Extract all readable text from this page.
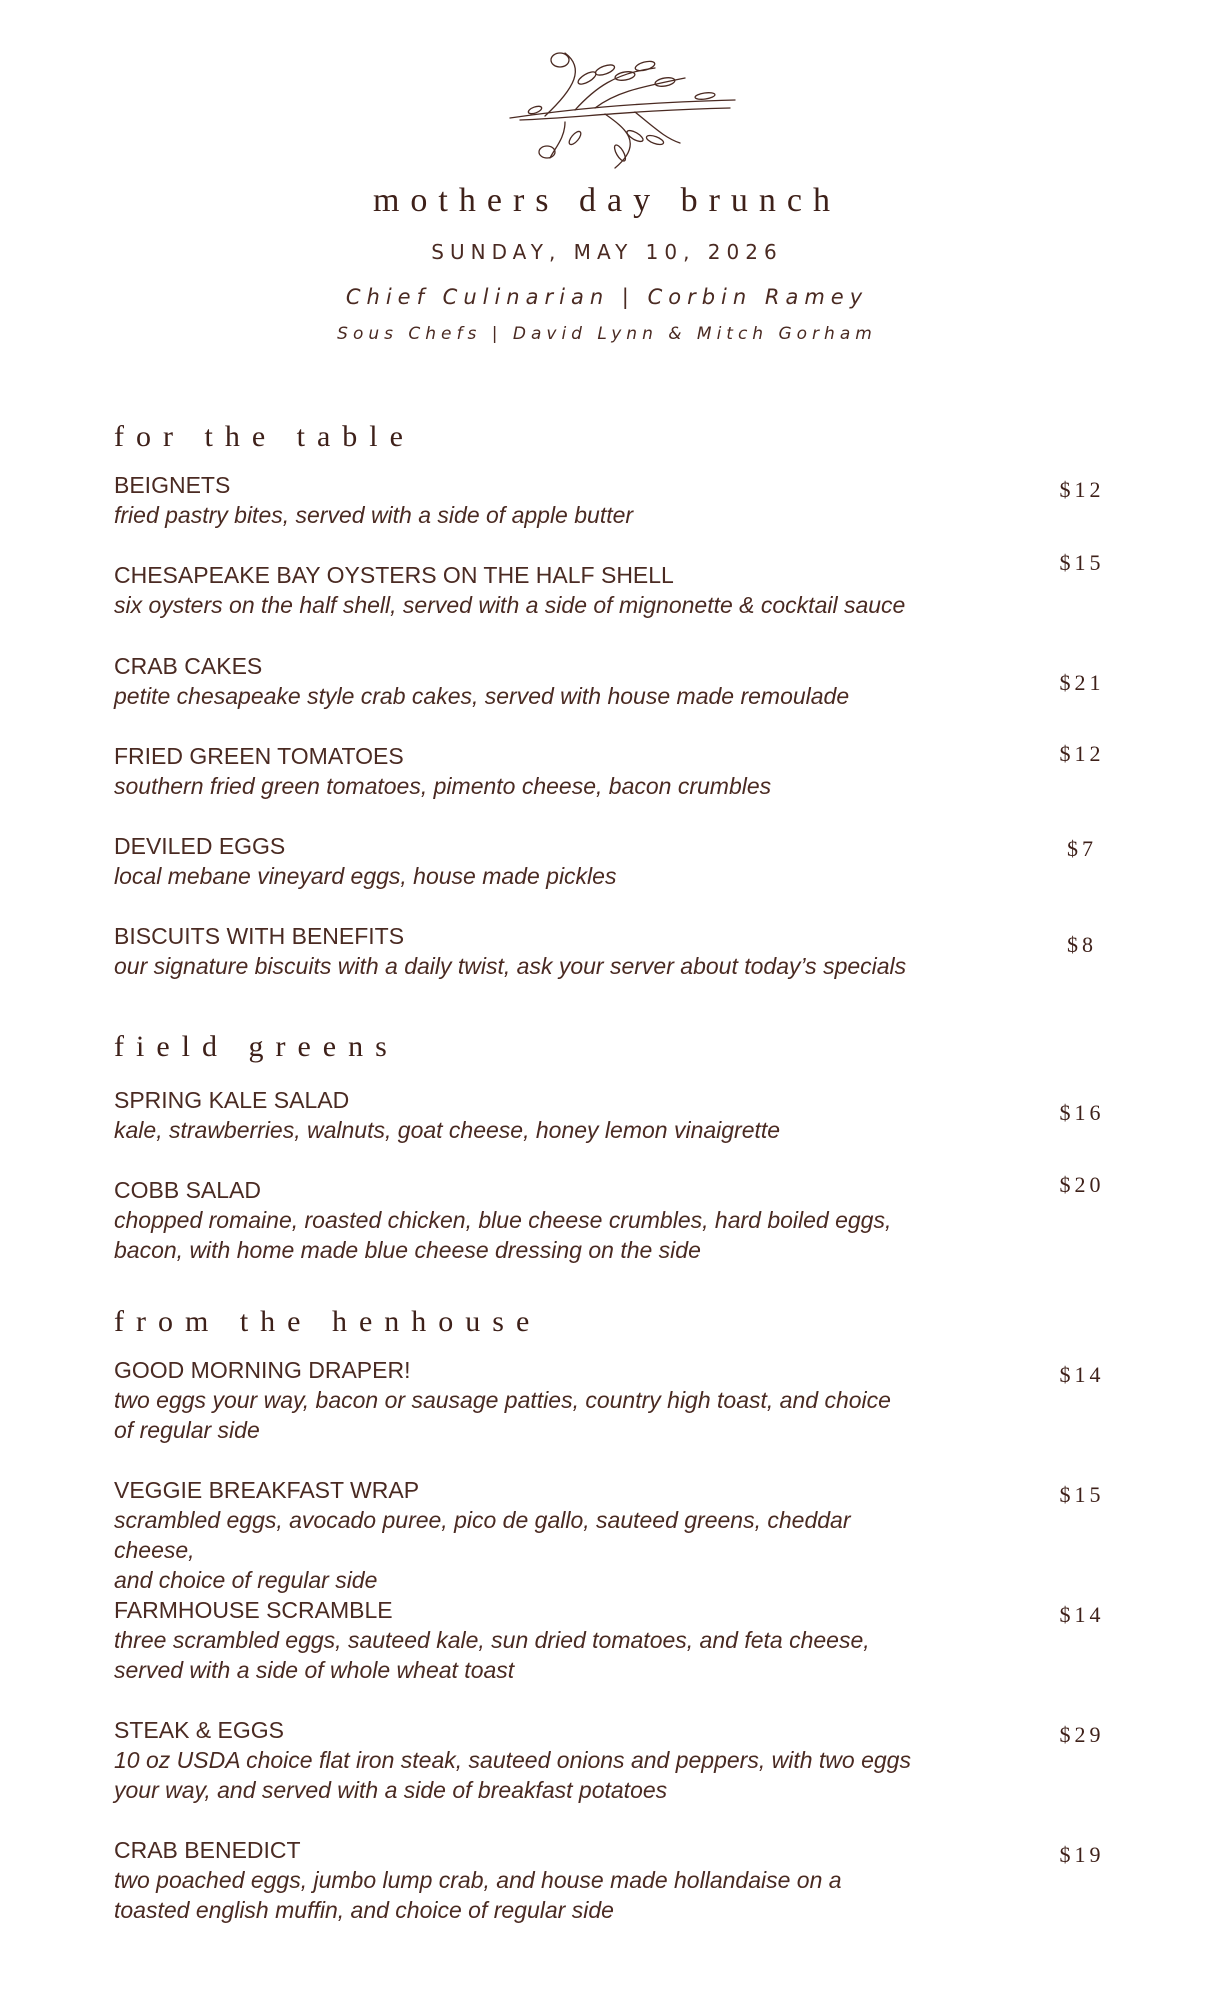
mothers day brunch
SUNDAY, MAY 10, 2026
Chief Culinarian | Corbin Ramey
Sous Chefs | David Lynn & Mitch Gorham
for the table
BEIGNETS
fried pastry bites, served with a side of apple butter
$12
CHESAPEAKE BAY OYSTERS ON THE HALF SHELL
six oysters on the half shell, served with a side of mignonette & cocktail sauce
$15
CRAB CAKES
petite chesapeake style crab cakes, served with house made remoulade
$21
FRIED GREEN TOMATOES
southern fried green tomatoes, pimento cheese, bacon crumbles
$12
DEVILED EGGS
local mebane vineyard eggs, house made pickles
$7
BISCUITS WITH BENEFITS
our signature biscuits with a daily twist, ask your server about today’s specials
$8
field greens
SPRING KALE SALAD
kale, strawberries, walnuts, goat cheese, honey lemon vinaigrette
$16
COBB SALAD
chopped romaine, roasted chicken, blue cheese crumbles, hard boiled eggs,
bacon, with home made blue cheese dressing on the side
$20
from the henhouse
GOOD MORNING DRAPER!
two eggs your way, bacon or sausage patties, country high toast, and choice
of regular side
$14
VEGGIE BREAKFAST WRAP
scrambled eggs, avocado puree, pico de gallo, sauteed greens, cheddar cheese,
and choice of regular side
$15
FARMHOUSE SCRAMBLE
three scrambled eggs, sauteed kale, sun dried tomatoes, and feta cheese,
served with a side of whole wheat toast
$14
STEAK & EGGS
10 oz USDA choice flat iron steak, sauteed onions and peppers, with two eggs
your way, and served with a side of breakfast potatoes
$29
CRAB BENEDICT
two poached eggs, jumbo lump crab, and house made hollandaise on a
toasted english muffin, and choice of regular side
$19
